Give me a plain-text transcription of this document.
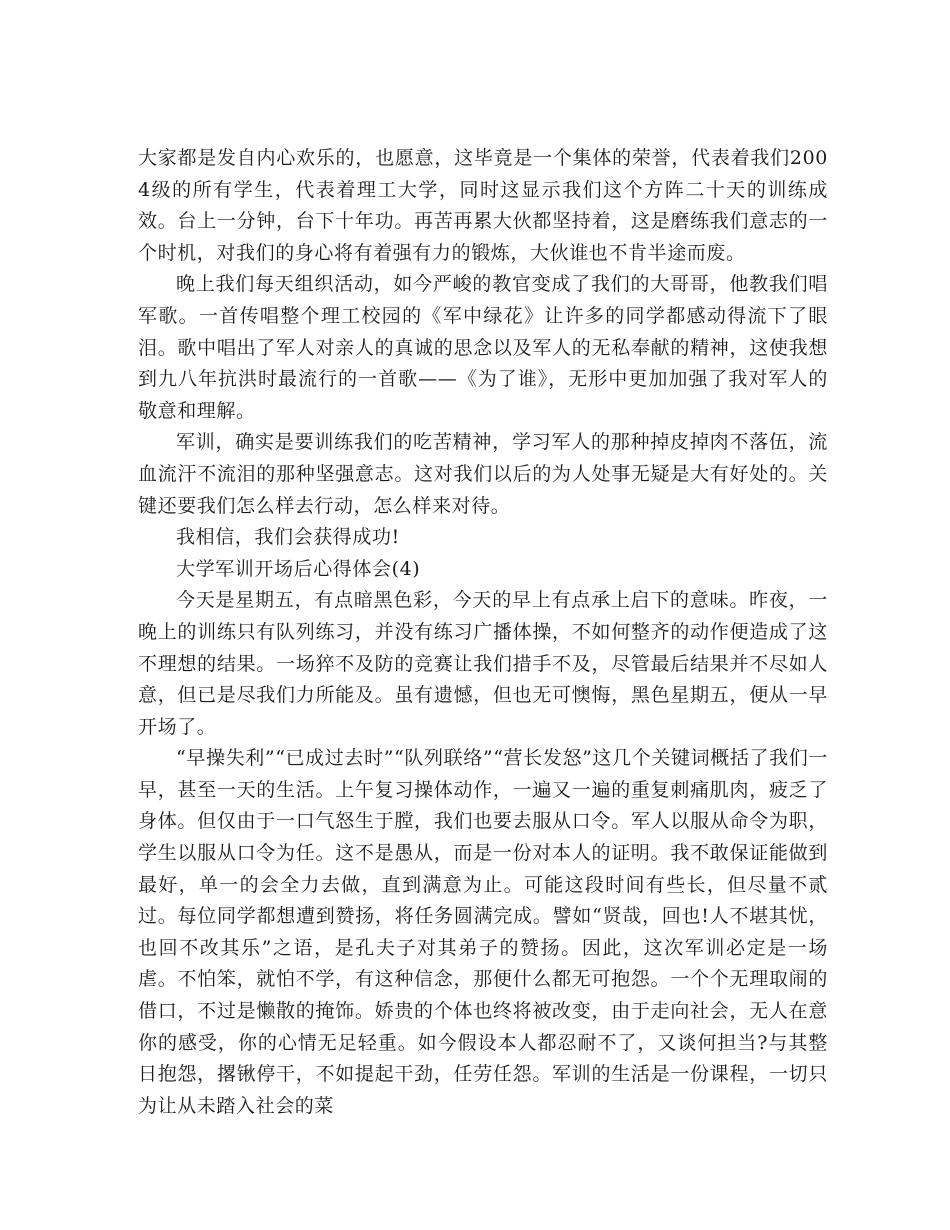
大家都是发自内心欢乐的，也愿意，这毕竟是一个集体的荣誉，代表着我们2004级的所有学生，代表着理工大学，同时这显示我们这个方阵二十天的训练成效。台上一分钟，台下十年功。再苦再累大伙都坚持着，这是磨练我们意志的一个时机，对我们的身心将有着强有力的锻炼，大伙谁也不肯半途而废。

晚上我们每天组织活动，如今严峻的教官变成了我们的大哥哥，他教我们唱军歌。一首传唱整个理工校园的《军中绿花》让许多的同学都感动得流下了眼泪。歌中唱出了军人对亲人的真诚的思念以及军人的无私奉献的精神，这使我想到九八年抗洪时最流行的一首歌——《为了谁》，无形中更加加强了我对军人的敬意和理解。

军训，确实是要训练我们的吃苦精神，学习军人的那种掉皮掉肉不落伍，流血流汗不流泪的那种坚强意志。这对我们以后的为人处事无疑是大有好处的。关键还要我们怎么样去行动，怎么样来对待。

我相信，我们会获得成功!

大学军训开场后心得体会(4)

今天是星期五，有点暗黑色彩，今天的早上有点承上启下的意味。昨夜，一晚上的训练只有队列练习，并没有练习广播体操，不如何整齐的动作便造成了这不理想的结果。一场猝不及防的竞赛让我们措手不及，尽管最后结果并不尽如人意，但已是尽我们力所能及。虽有遗憾，但也无可懊悔，黑色星期五，便从一早开场了。

“早操失利”“已成过去时”“队列联络”“营长发怒”这几个关键词概括了我们一早，甚至一天的生活。上午复习操体动作，一遍又一遍的重复刺痛肌肉，疲乏了身体。但仅由于一口气怒生于膛，我们也要去服从口令。军人以服从命令为职，学生以服从口令为任。这不是愚从，而是一份对本人的证明。我不敢保证能做到最好，单一的会全力去做，直到满意为止。可能这段时间有些长，但尽量不贰过。每位同学都想遭到赞扬，将任务圆满完成。譬如“贤哉，回也!人不堪其忧，也回不改其乐”之语，是孔夫子对其弟子的赞扬。因此，这次军训必定是一场虐。不怕笨，就怕不学，有这种信念，那便什么都无可抱怨。一个个无理取闹的借口，不过是懒散的掩饰。娇贵的个体也终将被改变，由于走向社会，无人在意你的感受，你的心情无足轻重。如今假设本人都忍耐不了，又谈何担当?与其整日抱怨，撂锹停干，不如提起干劲，任劳任怨。军训的生活是一份课程，一切只为让从未踏入社会的菜
